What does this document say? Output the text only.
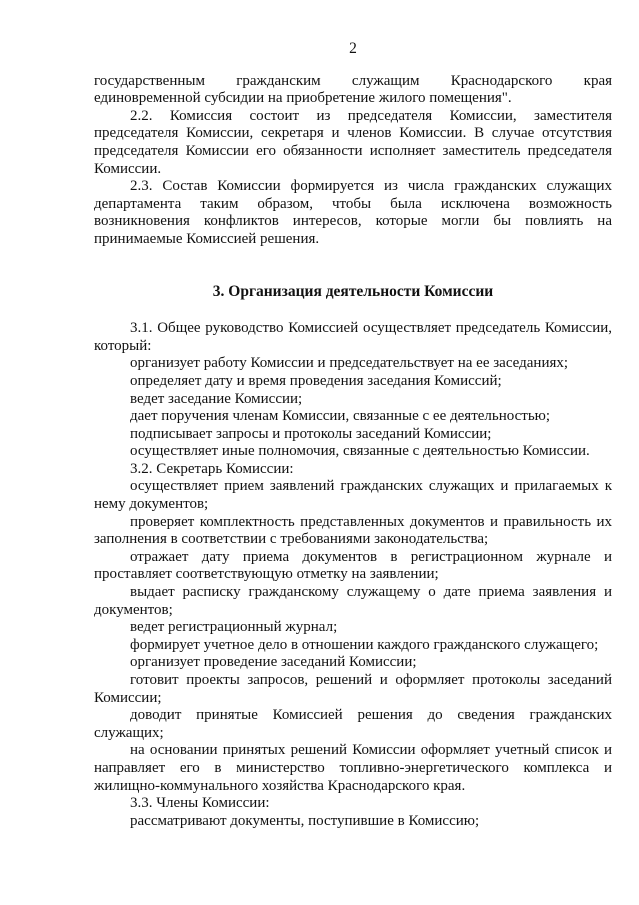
2

государственным гражданским служащим Краснодарского края единовременной субсидии на приобретение жилого помещения".

2.2. Комиссия состоит из председателя Комиссии, заместителя председателя Комиссии, секретаря и членов Комиссии. В случае отсутствия председателя Комиссии его обязанности исполняет заместитель председателя Комиссии.

2.3. Состав Комиссии формируется из числа гражданских служащих департамента таким образом, чтобы была исключена возможность возникновения конфликтов интересов, которые могли бы повлиять на принимаемые Комиссией решения.

3. Организация деятельности Комиссии

3.1. Общее руководство Комиссией осуществляет председатель Комиссии, который:

организует работу Комиссии и председательствует на ее заседаниях;

определяет дату и время проведения заседания Комиссий;

ведет заседание Комиссии;

дает поручения членам Комиссии, связанные с ее деятельностью;

подписывает запросы и протоколы заседаний Комиссии;

осуществляет иные полномочия, связанные с деятельностью Комиссии.

3.2. Секретарь Комиссии:

осуществляет прием заявлений гражданских служащих и прилагаемых к нему документов;

проверяет комплектность представленных документов и правильность их заполнения в соответствии с требованиями законодательства;

отражает дату приема документов в регистрационном журнале и проставляет соответствующую отметку на заявлении;

выдает расписку гражданскому служащему о дате приема заявления и документов;

ведет регистрационный журнал;

формирует учетное дело в отношении каждого гражданского служащего;

организует проведение заседаний Комиссии;

готовит проекты запросов, решений и оформляет протоколы заседаний Комиссии;

доводит принятые Комиссией решения до сведения гражданских служащих;

на основании принятых решений Комиссии оформляет учетный список и направляет его в министерство топливно-энергетического комплекса и жилищно-коммунального хозяйства Краснодарского края.

3.3. Члены Комиссии:

рассматривают документы, поступившие в Комиссию;
